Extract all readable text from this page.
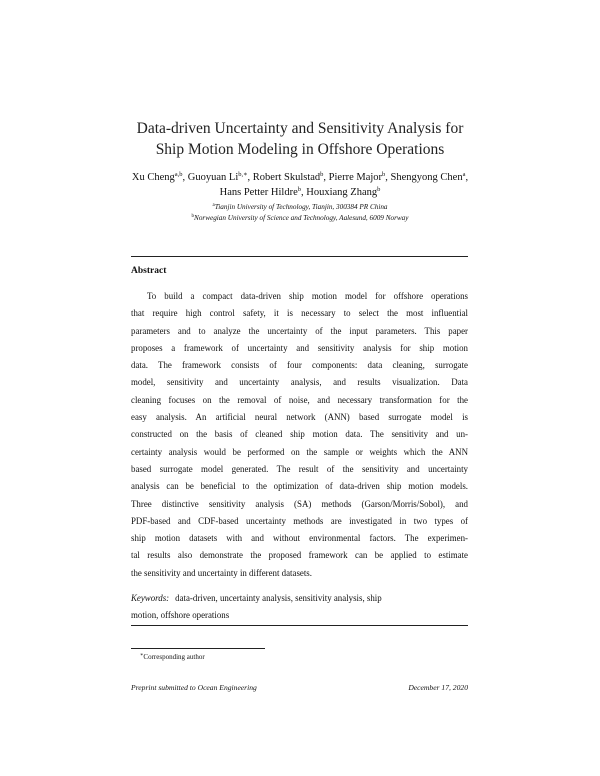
Data-driven Uncertainty and Sensitivity Analysis for
Ship Motion Modeling in Offshore Operations
Xu Cheng$^{a,b}$, Guoyuan $Li^{b,∗}$, Robert Skulstad$^b$, Pierre Major$^b$, Shengyong Chen$^a$, Hans Petter Hildre$^b$, Houxiang Zhang$^b$
$^a$Tianjin University of Technology, Tianjin, 300384 PR China
$^b$Norwegian University of Science and Technology, Aalesund, 6009 Norway
Abstract
To build a compact data-driven ship motion model for offshore operations
that require high control safety, it is necessary to select the most influential
parameters and to analyze the uncertainty of the input parameters. This paper
proposes a framework of uncertainty and sensitivity analysis for ship motion
data. The framework consists of four components: data cleaning, surrogate
model, sensitivity and uncertainty analysis, and results visualization. Data
cleaning focuses on the removal of noise, and necessary transformation for the
easy analysis. An artificial neural network (ANN) based surrogate model is
constructed on the basis of cleaned ship motion data. The sensitivity and un-
certainty analysis would be performed on the sample or weights which the ANN
based surrogate model generated. The result of the sensitivity and uncertainty
analysis can be beneficial to the optimization of data-driven ship motion models.
Three distinctive sensitivity analysis (SA) methods (Garson/Morris/Sobol), and
PDF-based and CDF-based uncertainty methods are investigated in two types of
ship motion datasets with and without environmental factors. The experimen-
tal results also demonstrate the proposed framework can be applied to estimate
the sensitivity and uncertainty in different datasets.
Keywords: data-driven, uncertainty analysis, sensitivity analysis, ship
motion, offshore operations
∗Corresponding author
Preprint submitted to Ocean Engineering	December 17, 2020
